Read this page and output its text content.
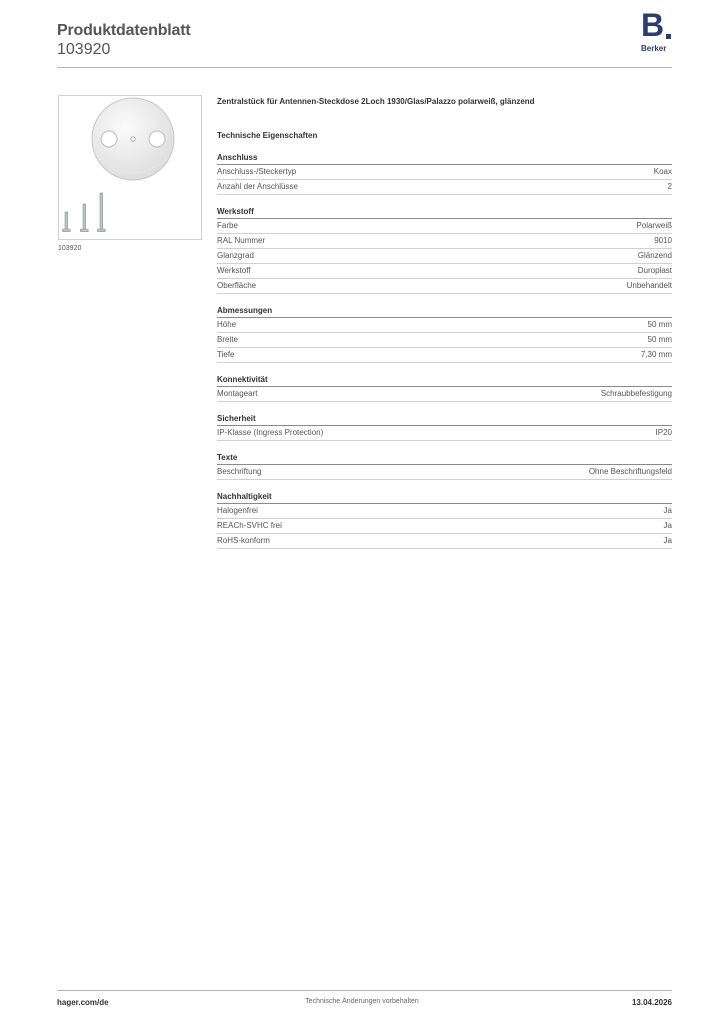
Produktdatenblatt
103920
B
Berker
103920
Zentralstück für Antennen-Steckdose 2Loch 1930/Glas/Palazzo polarweiß, glänzend
Technische Eigenschaften
Anschluss
Anschluss-/Steckertyp	Koax
Anzahl der Anschlüsse	2
Werkstoff
Farbe	Polarweiß
RAL Nummer	9010
Glanzgrad	Glänzend
Werkstoff	Duroplast
Oberfläche	Unbehandelt
Abmessungen
Höhe	50 mm
Breite	50 mm
Tiefe	7,30 mm
Konnektivität
Montageart	Schraubbefestigung
Sicherheit
IP-Klasse (Ingress Protection)	IP20
Texte
Beschriftung	Ohne Beschriftungsfeld
Nachhaltigkeit
Halogenfrei	Ja
REACh-SVHC frei	Ja
RoHS-konform	Ja
hager.com/de	Technische Änderungen vorbehalten	13.04.2026
